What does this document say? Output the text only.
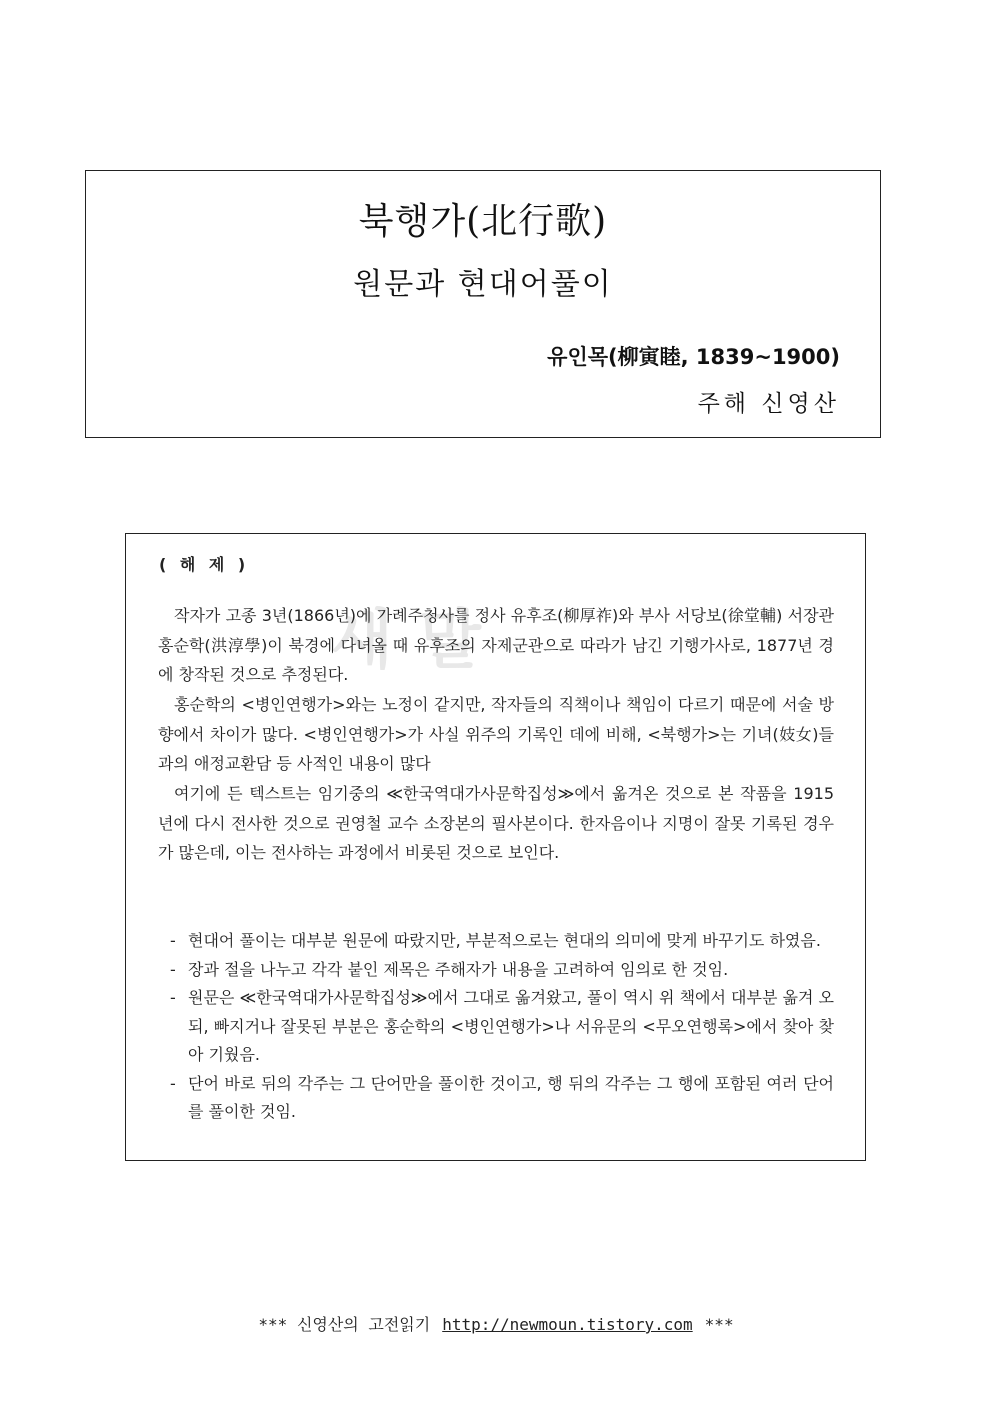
북행가(北行歌)
원문과 현대어풀이
유인목(柳寅睦, 1839~1900)
주해 신영산
새 말
( 해 제 )

작자가 고종 3년(1866년)에 가례주청사를 정사 유후조(柳厚祚)와 부사 서당보(徐堂輔) 서장관 홍순학(洪淳學)이 북경에 다녀올 때 유후조의 자제군관으로 따라가 남긴 기행가사로, 1877년 경에 창작된 것으로 추정된다.

홍순학의 <병인연행가>와는 노정이 같지만, 작자들의 직책이나 책임이 다르기 때문에 서술 방향에서 차이가 많다. <병인연행가>가 사실 위주의 기록인 데에 비해, <북행가>는 기녀(妓女)들과의 애정교환담 등 사적인 내용이 많다

여기에 든 텍스트는 임기중의 ≪한국역대가사문학집성≫에서 옮겨온 것으로 본 작품을 1915년에 다시 전사한 것으로 권영철 교수 소장본의 필사본이다. 한자음이나 지명이 잘못 기록된 경우가 많은데, 이는 전사하는 과정에서 비롯된 것으로 보인다.

- 현대어 풀이는 대부분 원문에 따랐지만, 부분적으로는 현대의 의미에 맞게 바꾸기도 하였음.
- 장과 절을 나누고 각각 붙인 제목은 주해자가 내용을 고려하여 임의로 한 것임.
- 원문은 ≪한국역대가사문학집성≫에서 그대로 옮겨왔고, 풀이 역시 위 책에서 대부분 옮겨 오되, 빠지거나 잘못된 부분은 홍순학의 <병인연행가>나 서유문의 <무오연행록>에서 찾아 찾아 기웠음.
- 단어 바로 뒤의 각주는 그 단어만을 풀이한 것이고, 행 뒤의 각주는 그 행에 포함된 여러 단어를 풀이한 것임.
*** 신영산의 고전읽기 http://newmoun.tistory.com ***
